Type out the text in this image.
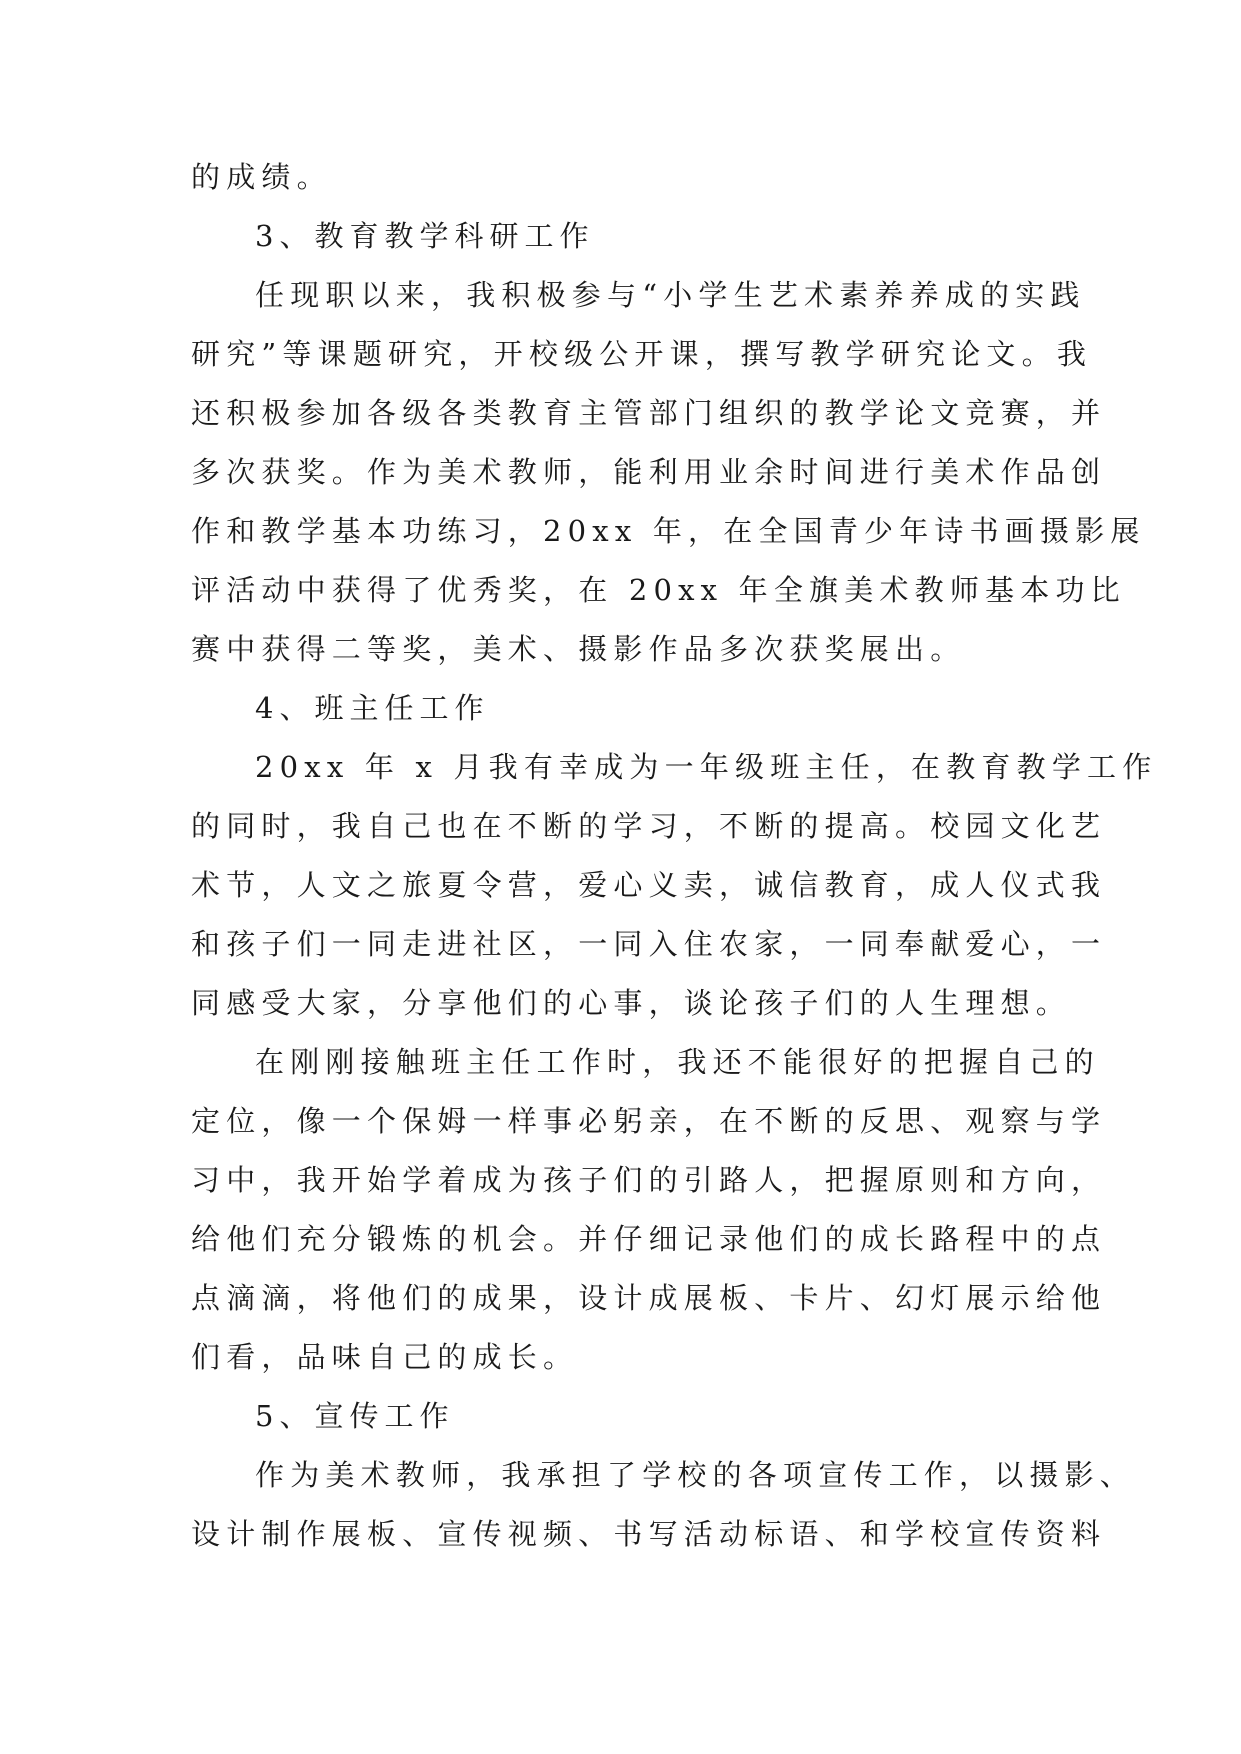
的成绩。
3、教育教学科研工作
任现职以来，我积极参与“小学生艺术素养养成的实践
研究”等课题研究，开校级公开课，撰写教学研究论文。我
还积极参加各级各类教育主管部门组织的教学论文竞赛，并
多次获奖。作为美术教师，能利用业余时间进行美术作品创
作和教学基本功练习，20xx 年，在全国青少年诗书画摄影展
评活动中获得了优秀奖，在 20xx 年全旗美术教师基本功比
赛中获得二等奖，美术、摄影作品多次获奖展出。
4、班主任工作
20xx 年 x 月我有幸成为一年级班主任，在教育教学工作
的同时，我自己也在不断的学习，不断的提高。校园文化艺
术节，人文之旅夏令营，爱心义卖，诚信教育，成人仪式我
和孩子们一同走进社区，一同入住农家，一同奉献爱心，一
同感受大家，分享他们的心事，谈论孩子们的人生理想。
在刚刚接触班主任工作时，我还不能很好的把握自己的
定位，像一个保姆一样事必躬亲，在不断的反思、观察与学
习中，我开始学着成为孩子们的引路人，把握原则和方向，
给他们充分锻炼的机会。并仔细记录他们的成长路程中的点
点滴滴，将他们的成果，设计成展板、卡片、幻灯展示给他
们看，品味自己的成长。
5、宣传工作
作为美术教师，我承担了学校的各项宣传工作，以摄影、
设计制作展板、宣传视频、书写活动标语、和学校宣传资料
